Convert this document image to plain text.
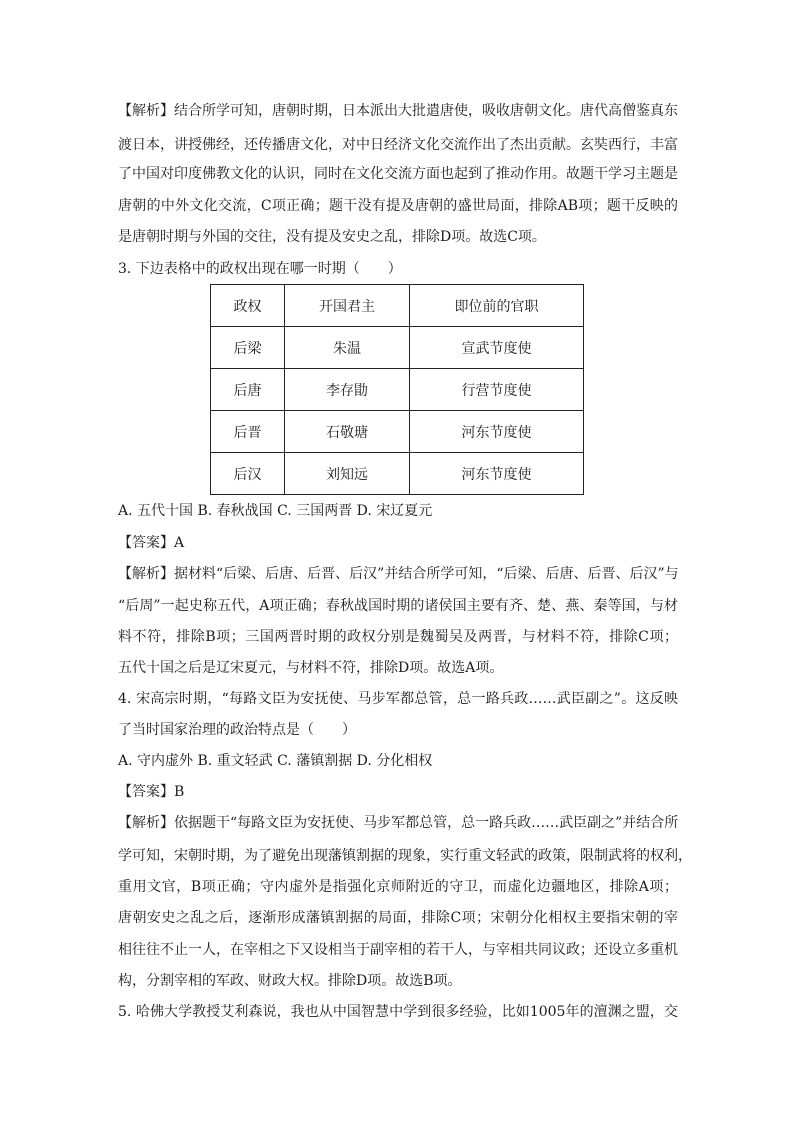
【解析】结合所学可知，唐朝时期，日本派出大批遣唐使，吸收唐朝文化。唐代高僧鉴真东
渡日本，讲授佛经，还传播唐文化，对中日经济文化交流作出了杰出贡献。玄奘西行，丰富
了中国对印度佛教文化的认识，同时在文化交流方面也起到了推动作用。故题干学习主题是
唐朝的中外文化交流，C项正确；题干没有提及唐朝的盛世局面，排除AB项；题干反映的
是唐朝时期与外国的交往，没有提及安史之乱，排除D项。故选C项。
3. 下边表格中的政权出现在哪一时期（　　）
政权	开国君主	即位前的官职
后梁	朱温	宣武节度使
后唐	李存勖	行营节度使
后晋	石敬瑭	河东节度使
后汉	刘知远	河东节度使
A. 五代十国 B. 春秋战国 C. 三国两晋 D. 宋辽夏元
【答案】A
【解析】据材料“后梁、后唐、后晋、后汉”并结合所学可知，“后梁、后唐、后晋、后汉”与
“后周”一起史称五代，A项正确；春秋战国时期的诸侯国主要有齐、楚、燕、秦等国，与材
料不符，排除B项；三国两晋时期的政权分别是魏蜀吴及两晋，与材料不符，排除C项；
五代十国之后是辽宋夏元，与材料不符，排除D项。故选A项。
4. 宋高宗时期，“每路文臣为安抚使、马步军都总管，总一路兵政……武臣副之”。这反映
了当时国家治理的政治特点是（　　）
A. 守内虚外 B. 重文轻武 C. 藩镇割据 D. 分化相权
【答案】B
【解析】依据题干“每路文臣为安抚使、马步军都总管，总一路兵政……武臣副之”并结合所
学可知，宋朝时期，为了避免出现藩镇割据的现象，实行重文轻武的政策，限制武将的权利，
重用文官，B项正确；守内虚外是指强化京师附近的守卫，而虚化边疆地区，排除A项；
唐朝安史之乱之后，逐渐形成藩镇割据的局面，排除C项；宋朝分化相权主要指宋朝的宰
相往往不止一人，在宰相之下又设相当于副宰相的若干人，与宰相共同议政；还设立多重机
构，分割宰相的军政、财政大权。排除D项。故选B项。
5. 哈佛大学教授艾利森说，我也从中国智慧中学到很多经验，比如1005年的澶渊之盟，交
